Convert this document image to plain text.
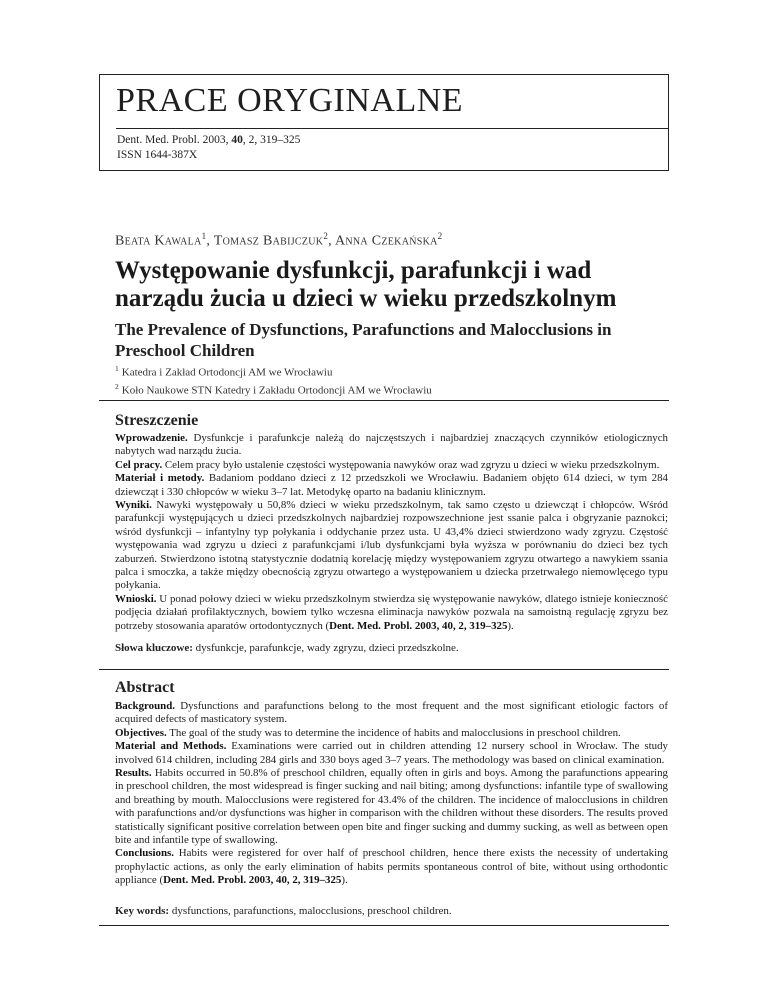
PRACE ORYGINALNE
Dent. Med. Probl. 2003, 40, 2, 319–325
ISSN 1644-387X
Beata Kawala$^1$, Tomasz Babijczuk$^2$, Anna Czekańska$^2$
Występowanie dysfunkcji, parafunkcji i wad narządu żucia u dzieci w wieku przedszkolnym
The Prevalence of Dysfunctions, Parafunctions and Malocclusions in Preschool Children
$^1$ Katedra i Zakład Ortodoncji AM we Wrocławiu
$^2$ Koło Naukowe STN Katedry i Zakładu Ortodoncji AM we Wrocławiu
Streszczenie

Wprowadzenie. Dysfunkcje i parafunkcje należą do najczęstszych i najbardziej znaczących czynników etiologicznych nabytych wad narządu żucia.

Cel pracy. Celem pracy było ustalenie częstości występowania nawyków oraz wad zgryzu u dzieci w wieku przedszkolnym.

Materiał i metody. Badaniom poddano dzieci z 12 przedszkoli we Wrocławiu. Badaniem objęto 614 dzieci, w tym 284 dziewcząt i 330 chłopców w wieku 3–7 lat. Metodykę oparto na badaniu klinicznym.

Wyniki. Nawyki występowały u 50,8% dzieci w wieku przedszkolnym, tak samo często u dziewcząt i chłopców. Wśród parafunkcji występujących u dzieci przedszkolnych najbardziej rozpowszechnione jest ssanie palca i obgryzanie paznokci; wśród dysfunkcji – infantylny typ połykania i oddychanie przez usta. U 43,4% dzieci stwierdzono wady zgryzu. Częstość występowania wad zgryzu u dzieci z parafunkcjami i/lub dysfunkcjami była wyższa w porównaniu do dzieci bez tych zaburzeń. Stwierdzono istotną statystycznie dodatnią korelację między występowaniem zgryzu otwartego a nawykiem ssania palca i smoczka, a także między obecnością zgryzu otwartego a występowaniem u dziecka przetrwałego niemowlęcego typu połykania.

Wnioski. U ponad połowy dzieci w wieku przedszkolnym stwierdza się występowanie nawyków, dlatego istnieje konieczność podjęcia działań profilaktycznych, bowiem tylko wczesna eliminacja nawyków pozwala na samoistną regulację zgryzu bez potrzeby stosowania aparatów ortodontycznych (Dent. Med. Probl. 2003, 40, 2, 319–325).

Słowa kluczowe: dysfunkcje, parafunkcje, wady zgryzu, dzieci przedszkolne.
Abstract

Background. Dysfunctions and parafunctions belong to the most frequent and the most significant etiologic factors of acquired defects of masticatory system.

Objectives. The goal of the study was to determine the incidence of habits and malocclusions in preschool children.

Material and Methods. Examinations were carried out in children attending 12 nursery school in Wrocław. The study involved 614 children, including 284 girls and 330 boys aged 3–7 years. The methodology was based on clinical examination.

Results. Habits occurred in 50.8% of preschool children, equally often in girls and boys. Among the parafunctions appearing in preschool children, the most widespread is finger sucking and nail biting; among dysfunctions: infantile type of swallowing and breathing by mouth. Malocclusions were registered for 43.4% of the children. The incidence of malocclusions in children with parafunctions and/or dysfunctions was higher in comparison with the children without these disorders. The results proved statistically significant positive correlation between open bite and finger sucking and dummy sucking, as well as between open bite and infantile type of swallowing.

Conclusions. Habits were registered for over half of preschool children, hence there exists the necessity of undertaking prophylactic actions, as only the early elimination of habits permits spontaneous control of bite, without using orthodontic appliance (Dent. Med. Probl. 2003, 40, 2, 319–325).

Key words: dysfunctions, parafunctions, malocclusions, preschool children.
